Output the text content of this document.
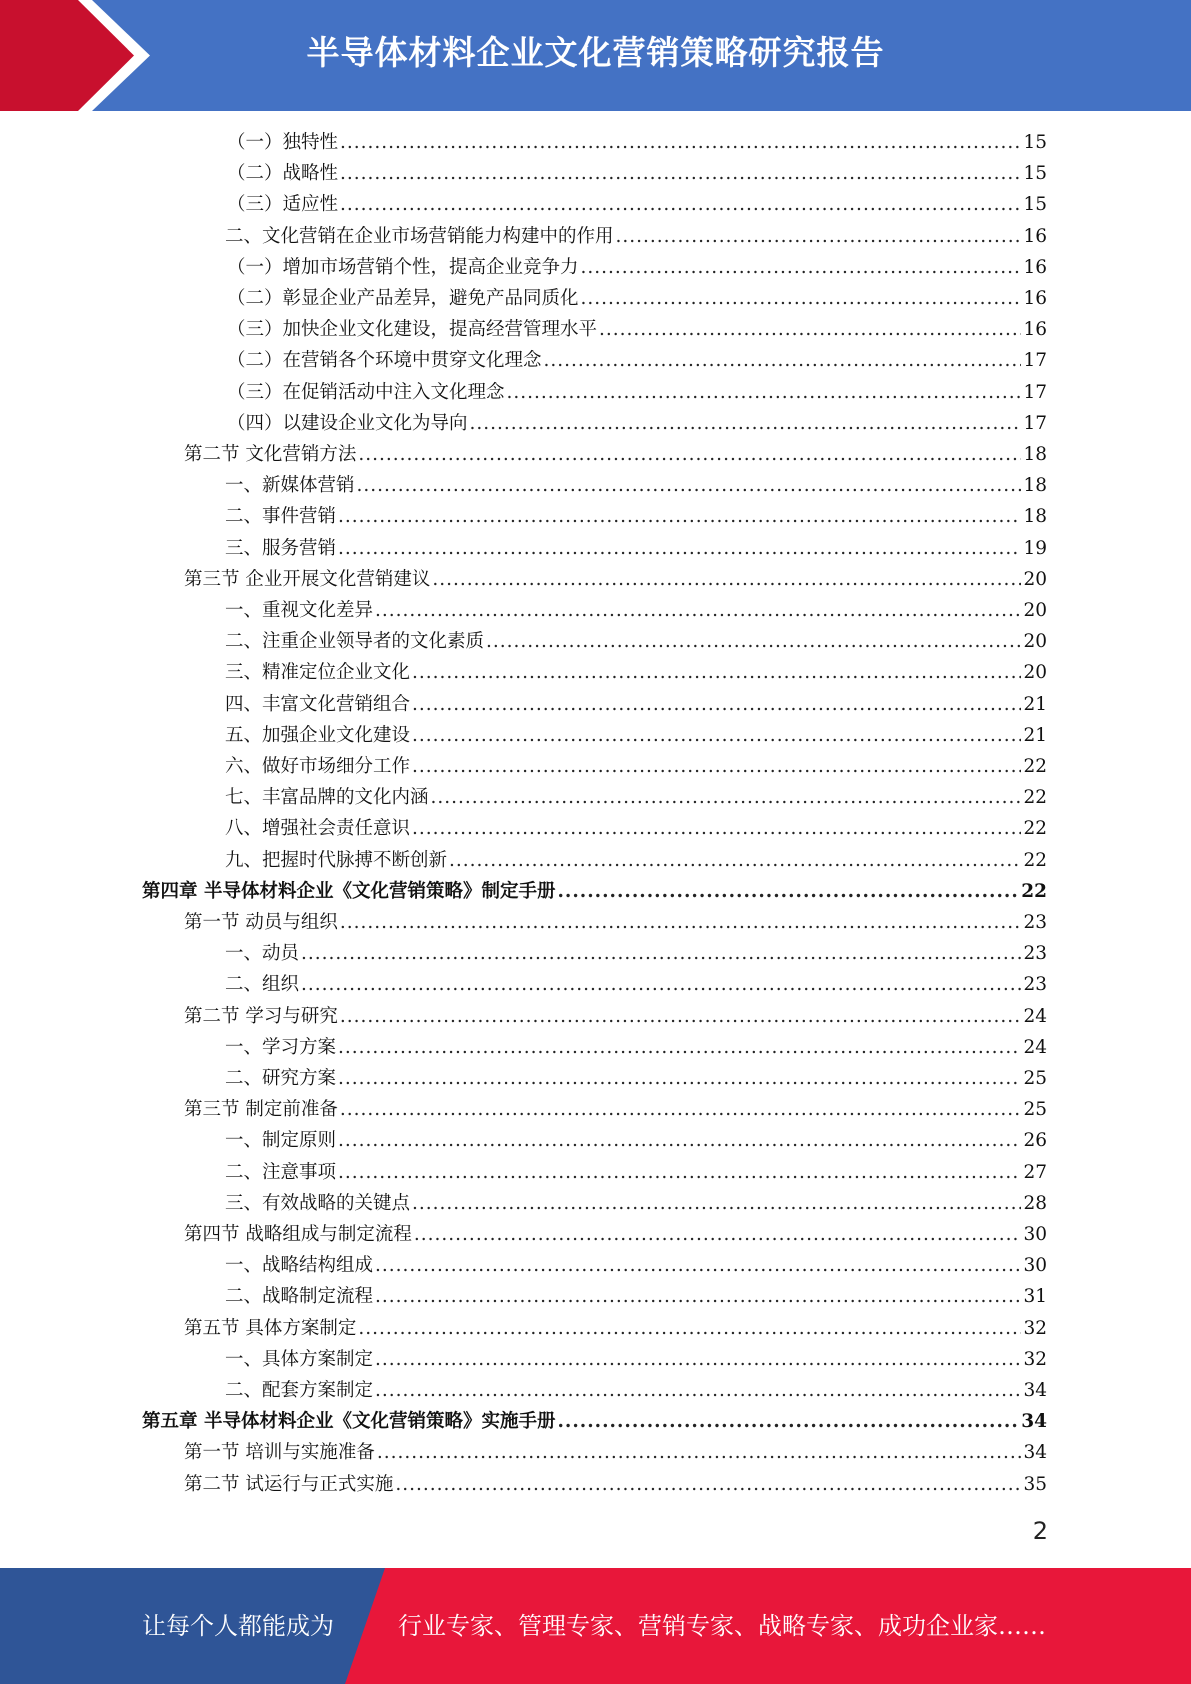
半导体材料企业文化营销策略研究报告
（一）独特性 .....	15
（二）战略性 .....	15
（三）适应性 .....	15
二、文化营销在企业市场营销能力构建中的作用 .....	16
（一）增加市场营销个性，提高企业竞争力 .....	16
（二）彰显企业产品差异，避免产品同质化 .....	16
（三）加快企业文化建设，提高经营管理水平 .....	16
（二）在营销各个环境中贯穿文化理念 .....	17
（三）在促销活动中注入文化理念 .....	17
（四）以建设企业文化为导向 .....	17
第二节 文化营销方法 .....	18
一、新媒体营销 .....	18
二、事件营销 .....	18
三、服务营销 .....	19
第三节 企业开展文化营销建议 .....	20
一、重视文化差异 .....	20
二、注重企业领导者的文化素质 .....	20
三、精准定位企业文化 .....	20
四、丰富文化营销组合 .....	21
五、加强企业文化建设 .....	21
六、做好市场细分工作 .....	22
七、丰富品牌的文化内涵 .....	22
八、增强社会责任意识 .....	22
九、把握时代脉搏不断创新 .....	22
第四章 半导体材料企业《文化营销策略》制定手册 .....	22
第一节 动员与组织 .....	23
一、动员 .....	23
二、组织 .....	23
第二节 学习与研究 .....	24
一、学习方案 .....	24
二、研究方案 .....	25
第三节 制定前准备 .....	25
一、制定原则 .....	26
二、注意事项 .....	27
三、有效战略的关键点 .....	28
第四节 战略组成与制定流程 .....	30
一、战略结构组成 .....	30
二、战略制定流程 .....	31
第五节 具体方案制定 .....	32
一、具体方案制定 .....	32
二、配套方案制定 .....	34
第五章 半导体材料企业《文化营销策略》实施手册 .....	34
第一节 培训与实施准备 .....	34
第二节 试运行与正式实施 .....	35
2
让每个人都能成为	行业专家、管理专家、营销专家、战略专家、成功企业家……
